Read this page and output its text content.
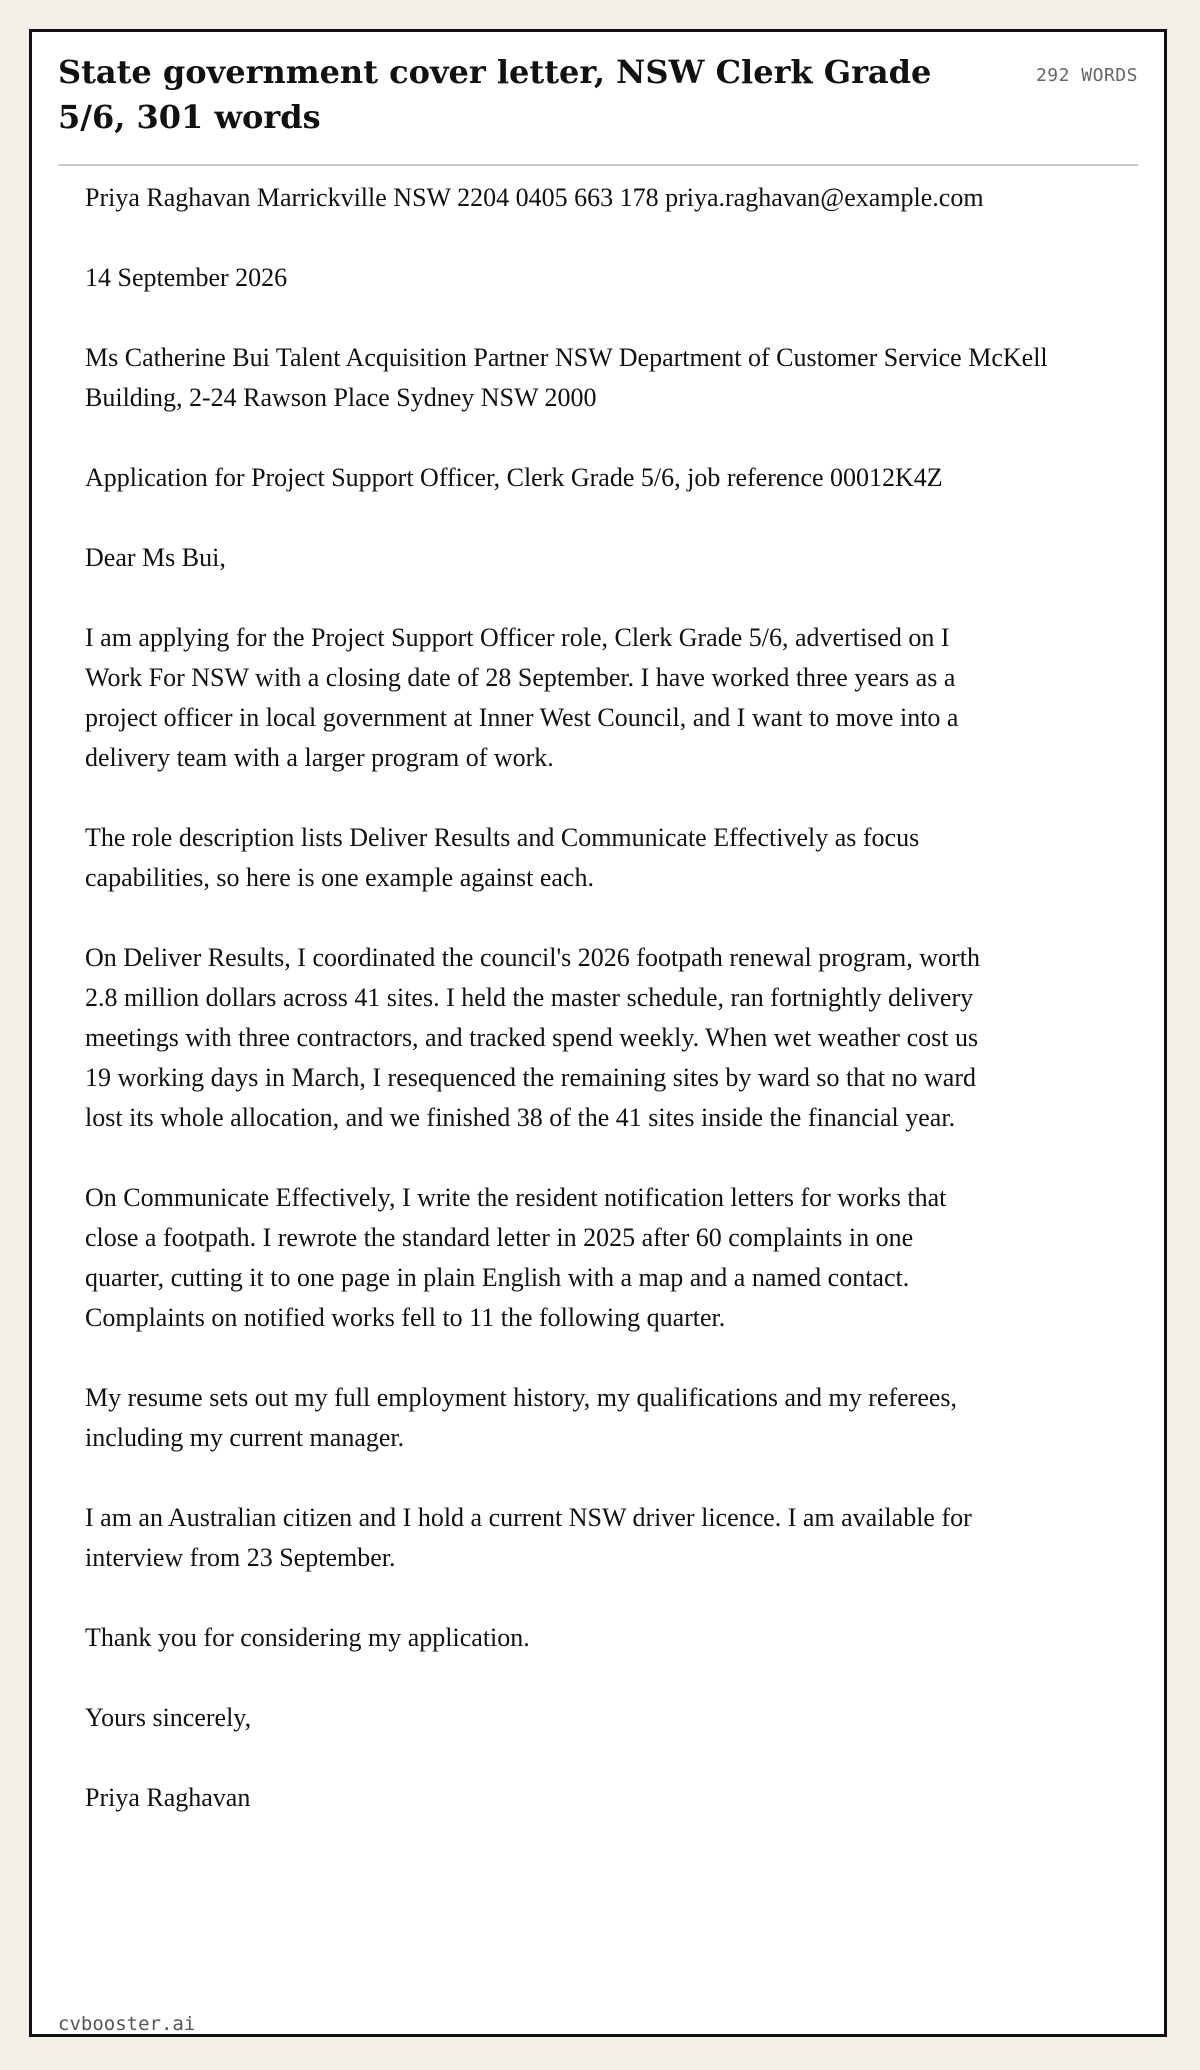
State government cover letter, NSW Clerk Grade 5/6, 301 words
292 WORDS

Priya Raghavan Marrickville NSW 2204 0405 663 178 priya.raghavan@example.com

14 September 2026

Ms Catherine Bui Talent Acquisition Partner NSW Department of Customer Service McKell Building, 2-24 Rawson Place Sydney NSW 2000

Application for Project Support Officer, Clerk Grade 5/6, job reference 00012K4Z

Dear Ms Bui,

I am applying for the Project Support Officer role, Clerk Grade 5/6, advertised on I Work For NSW with a closing date of 28 September. I have worked three years as a project officer in local government at Inner West Council, and I want to move into a delivery team with a larger program of work.

The role description lists Deliver Results and Communicate Effectively as focus capabilities, so here is one example against each.

On Deliver Results, I coordinated the council's 2026 footpath renewal program, worth 2.8 million dollars across 41 sites. I held the master schedule, ran fortnightly delivery meetings with three contractors, and tracked spend weekly. When wet weather cost us 19 working days in March, I resequenced the remaining sites by ward so that no ward lost its whole allocation, and we finished 38 of the 41 sites inside the financial year.

On Communicate Effectively, I write the resident notification letters for works that close a footpath. I rewrote the standard letter in 2025 after 60 complaints in one quarter, cutting it to one page in plain English with a map and a named contact. Complaints on notified works fell to 11 the following quarter.

My resume sets out my full employment history, my qualifications and my referees, including my current manager.

I am an Australian citizen and I hold a current NSW driver licence. I am available for interview from 23 September.

Thank you for considering my application.

Yours sincerely,

Priya Raghavan

cvbooster.ai
